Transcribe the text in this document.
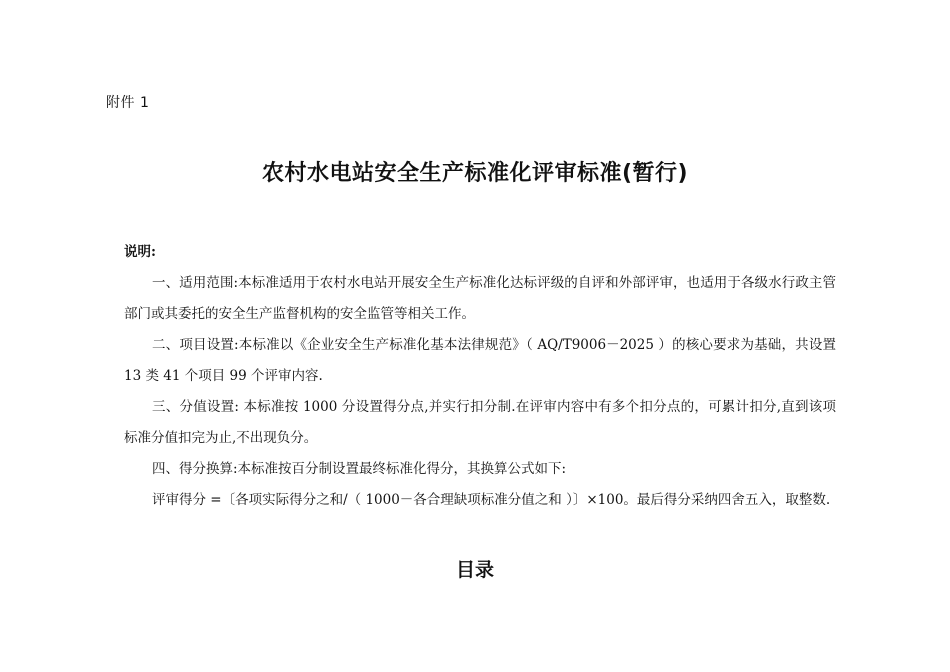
附件 1
农村水电站安全生产标准化评审标准(暂行)
说明:

一、适用范围:本标准适用于农村水电站开展安全生产标准化达标评级的自评和外部评审，也适用于各级水行政主管部门或其委托的安全生产监督机构的安全监管等相关工作。

二、项目设置:本标准以《企业安全生产标准化基本法律规范》（ AQ/T9006－2025 ）的核心要求为基础，共设置 13 类 41 个项目 99 个评审内容.

三、分值设置: 本标准按 1000 分设置得分点,并实行扣分制.在评审内容中有多个扣分点的，可累计扣分,直到该项标准分值扣完为止,不出现负分。

四、得分换算:本标准按百分制设置最终标准化得分，其换算公式如下:

评审得分 =〔各项实际得分之和/（ 1000－各合理缺项标准分值之和 ）〕×100。最后得分采纳四舍五入，取整数.

目录
